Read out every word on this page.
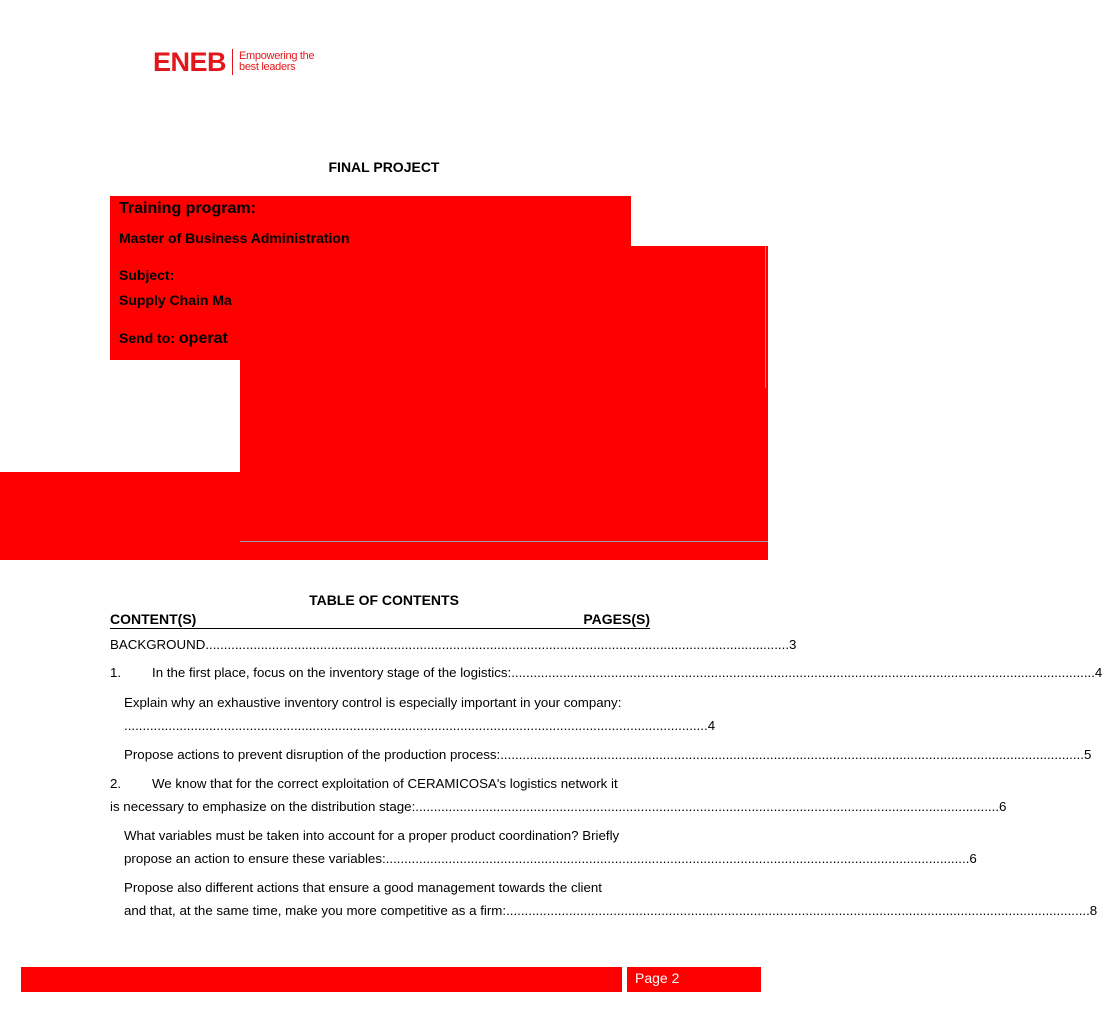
ENEB Empowering the
best leaders
FINAL PROJECT
Training program:
Master of Business Administration
Subject:
Supply Chain Ma
Send to: operat
TABLE OF CONTENTS
CONTENT(S)	PAGES(S)
BACKGROUND .............................................................................................................................................................. 3
1.	In the first place, focus on the inventory stage of the logistics: .............................................................................................................................................................. 4
Explain why an exhaustive inventory control is especially important in your company:
.............................................................................................................................................................. 4
Propose actions to prevent disruption of the production process: .............................................................................................................................................................. 5
2.	We know that for the correct exploitation of CERAMICOSA's logistics network it
is necessary to emphasize on the distribution stage: .............................................................................................................................................................. 6
What variables must be taken into account for a proper product coordination? Briefly
propose an action to ensure these variables: .............................................................................................................................................................. 6
Propose also different actions that ensure a good management towards the client
and that, at the same time, make you more competitive as a firm: .............................................................................................................................................................. 8
Page 2
